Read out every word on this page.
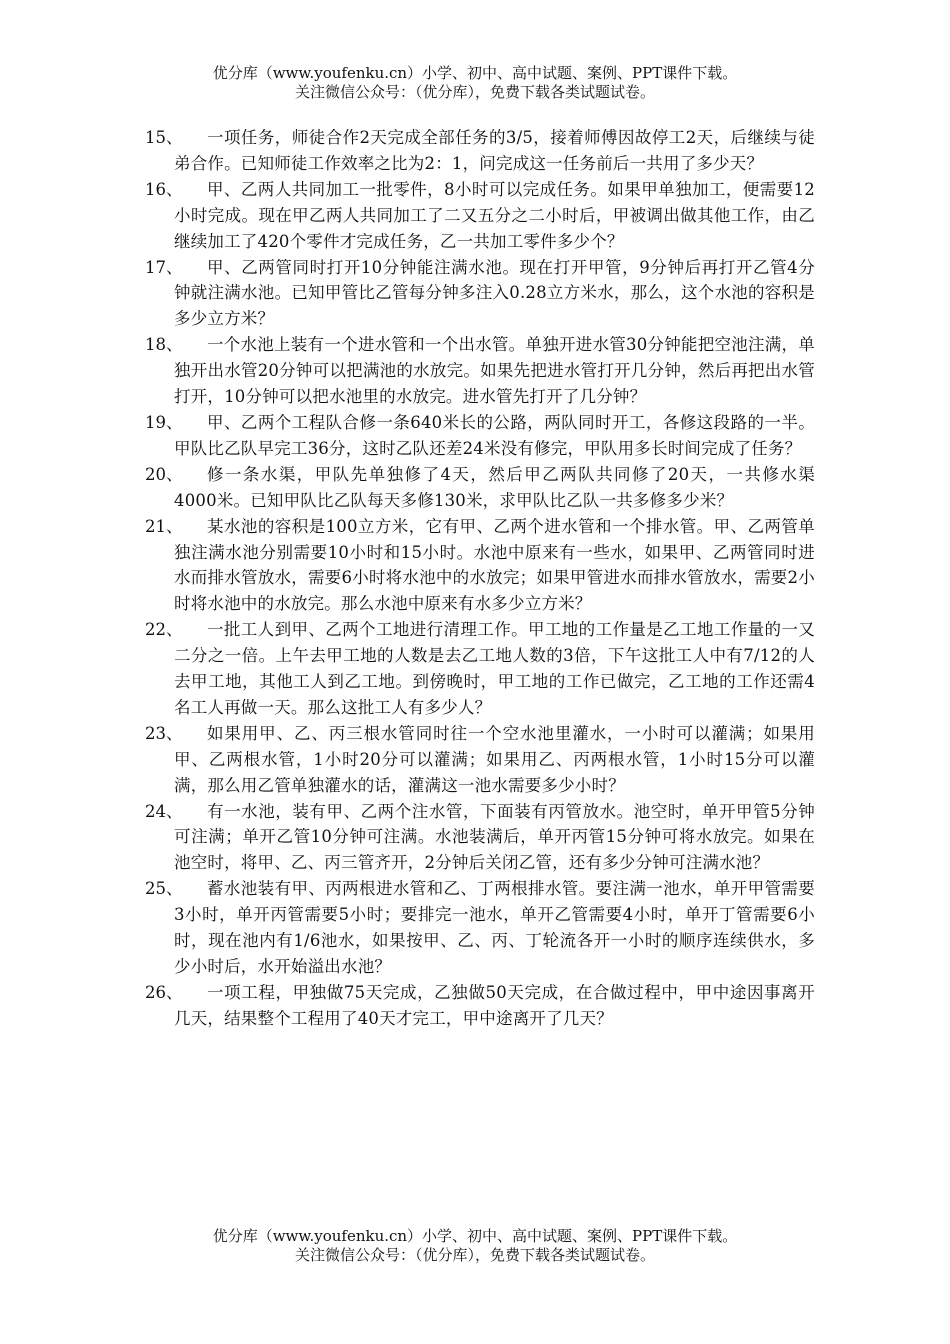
优分库（www.youfenku.cn）小学、初中、高中试题、案例、PPT课件下载。
关注微信公众号：（优分库），免费下载各类试题试卷。
15、	一项任务，师徒合作2天完成全部任务的3/5，接着师傅因故停工2天，后继续与徒弟合作。已知师徒工作效率之比为2：1，问完成这一任务前后一共用了多少天？
16、	甲、乙两人共同加工一批零件，8小时可以完成任务。如果甲单独加工，便需要12小时完成。现在甲乙两人共同加工了二又五分之二小时后，甲被调出做其他工作，由乙继续加工了420个零件才完成任务，乙一共加工零件多少个？
17、	甲、乙两管同时打开10分钟能注满水池。现在打开甲管，9分钟后再打开乙管4分钟就注满水池。已知甲管比乙管每分钟多注入0.28立方米水，那么，这个水池的容积是多少立方米？
18、	一个水池上装有一个进水管和一个出水管。单独开进水管30分钟能把空池注满，单独开出水管20分钟可以把满池的水放完。如果先把进水管打开几分钟，然后再把出水管打开，10分钟可以把水池里的水放完。进水管先打开了几分钟？
19、	甲、乙两个工程队合修一条640米长的公路，两队同时开工，各修这段路的一半。甲队比乙队早完工36分，这时乙队还差24米没有修完，甲队用多长时间完成了任务？
20、	修一条水渠，甲队先单独修了4天，然后甲乙两队共同修了20天，一共修水渠4000米。已知甲队比乙队每天多修130米，求甲队比乙队一共多修多少米？
21、	某水池的容积是100立方米，它有甲、乙两个进水管和一个排水管。甲、乙两管单独注满水池分别需要10小时和15小时。水池中原来有一些水，如果甲、乙两管同时进水而排水管放水，需要6小时将水池中的水放完；如果甲管进水而排水管放水，需要2小时将水池中的水放完。那么水池中原来有水多少立方米？
22、	一批工人到甲、乙两个工地进行清理工作。甲工地的工作量是乙工地工作量的一又二分之一倍。上午去甲工地的人数是去乙工地人数的3倍，下午这批工人中有7/12的人去甲工地，其他工人到乙工地。到傍晚时，甲工地的工作已做完，乙工地的工作还需4名工人再做一天。那么这批工人有多少人？
23、	如果用甲、乙、丙三根水管同时往一个空水池里灌水，一小时可以灌满；如果用甲、乙两根水管，1小时20分可以灌满；如果用乙、丙两根水管，1小时15分可以灌满，那么用乙管单独灌水的话，灌满这一池水需要多少小时？
24、	有一水池，装有甲、乙两个注水管，下面装有丙管放水。池空时，单开甲管5分钟可注满；单开乙管10分钟可注满。水池装满后，单开丙管15分钟可将水放完。如果在池空时，将甲、乙、丙三管齐开，2分钟后关闭乙管，还有多少分钟可注满水池？
25、	蓄水池装有甲、丙两根进水管和乙、丁两根排水管。要注满一池水，单开甲管需要3小时，单开丙管需要5小时；要排完一池水，单开乙管需要4小时，单开丁管需要6小时，现在池内有1/6池水，如果按甲、乙、丙、丁轮流各开一小时的顺序连续供水，多少小时后，水开始溢出水池？
26、	一项工程，甲独做75天完成，乙独做50天完成，在合做过程中，甲中途因事离开几天，结果整个工程用了40天才完工，甲中途离开了几天？
优分库（www.youfenku.cn）小学、初中、高中试题、案例、PPT课件下载。
关注微信公众号：（优分库），免费下载各类试题试卷。
